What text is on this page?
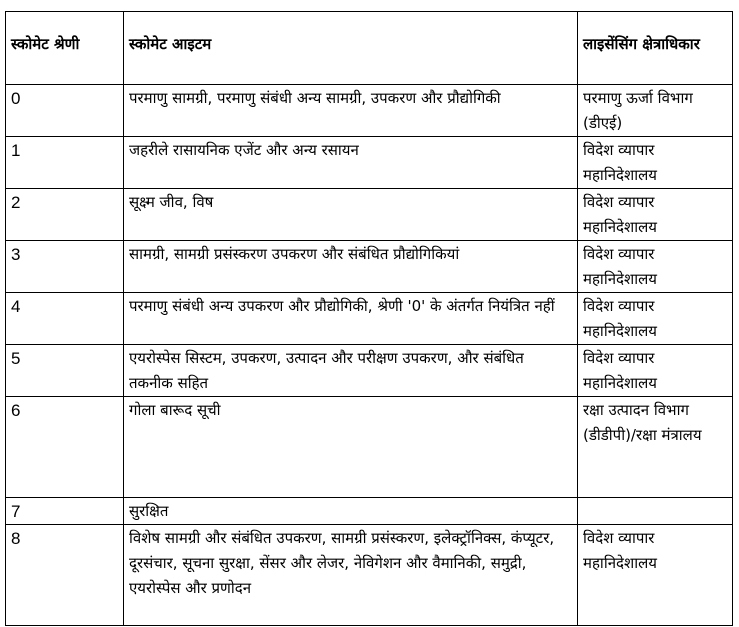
स्कोमेट श्रेणी	स्कोमेट आइटम	लाइसेंसिंग क्षेत्राधिकार
0	परमाणु सामग्री, परमाणु संबंधी अन्य सामग्री, उपकरण और प्रौद्योगिकी	परमाणु ऊर्जा विभाग (डीएई)
1	जहरीले रासायनिक एजेंट और अन्य रसायन	विदेश व्यापार महानिदेशालय
2	सूक्ष्म जीव, विष	विदेश व्यापार महानिदेशालय
3	सामग्री, सामग्री प्रसंस्करण उपकरण और संबंधित प्रौद्योगिकियां	विदेश व्यापार महानिदेशालय
4	परमाणु संबंधी अन्य उपकरण और प्रौद्योगिकी, श्रेणी '0' के अंतर्गत नियंत्रित नहीं	विदेश व्यापार महानिदेशालय
5	एयरोस्पेस सिस्टम, उपकरण, उत्पादन और परीक्षण उपकरण, और संबंधित तकनीक सहित	विदेश व्यापार महानिदेशालय
6	गोला बारूद सूची	रक्षा उत्पादन विभाग (डीडीपी)/रक्षा मंत्रालय
7	सुरक्षित	
8	विशेष सामग्री और संबंधित उपकरण, सामग्री प्रसंस्करण, इलेक्ट्रॉनिक्स, कंप्यूटर, दूरसंचार, सूचना सुरक्षा, सेंसर और लेजर, नेविगेशन और वैमानिकी, समुद्री, एयरोस्पेस और प्रणोदन	विदेश व्यापार महानिदेशालय
